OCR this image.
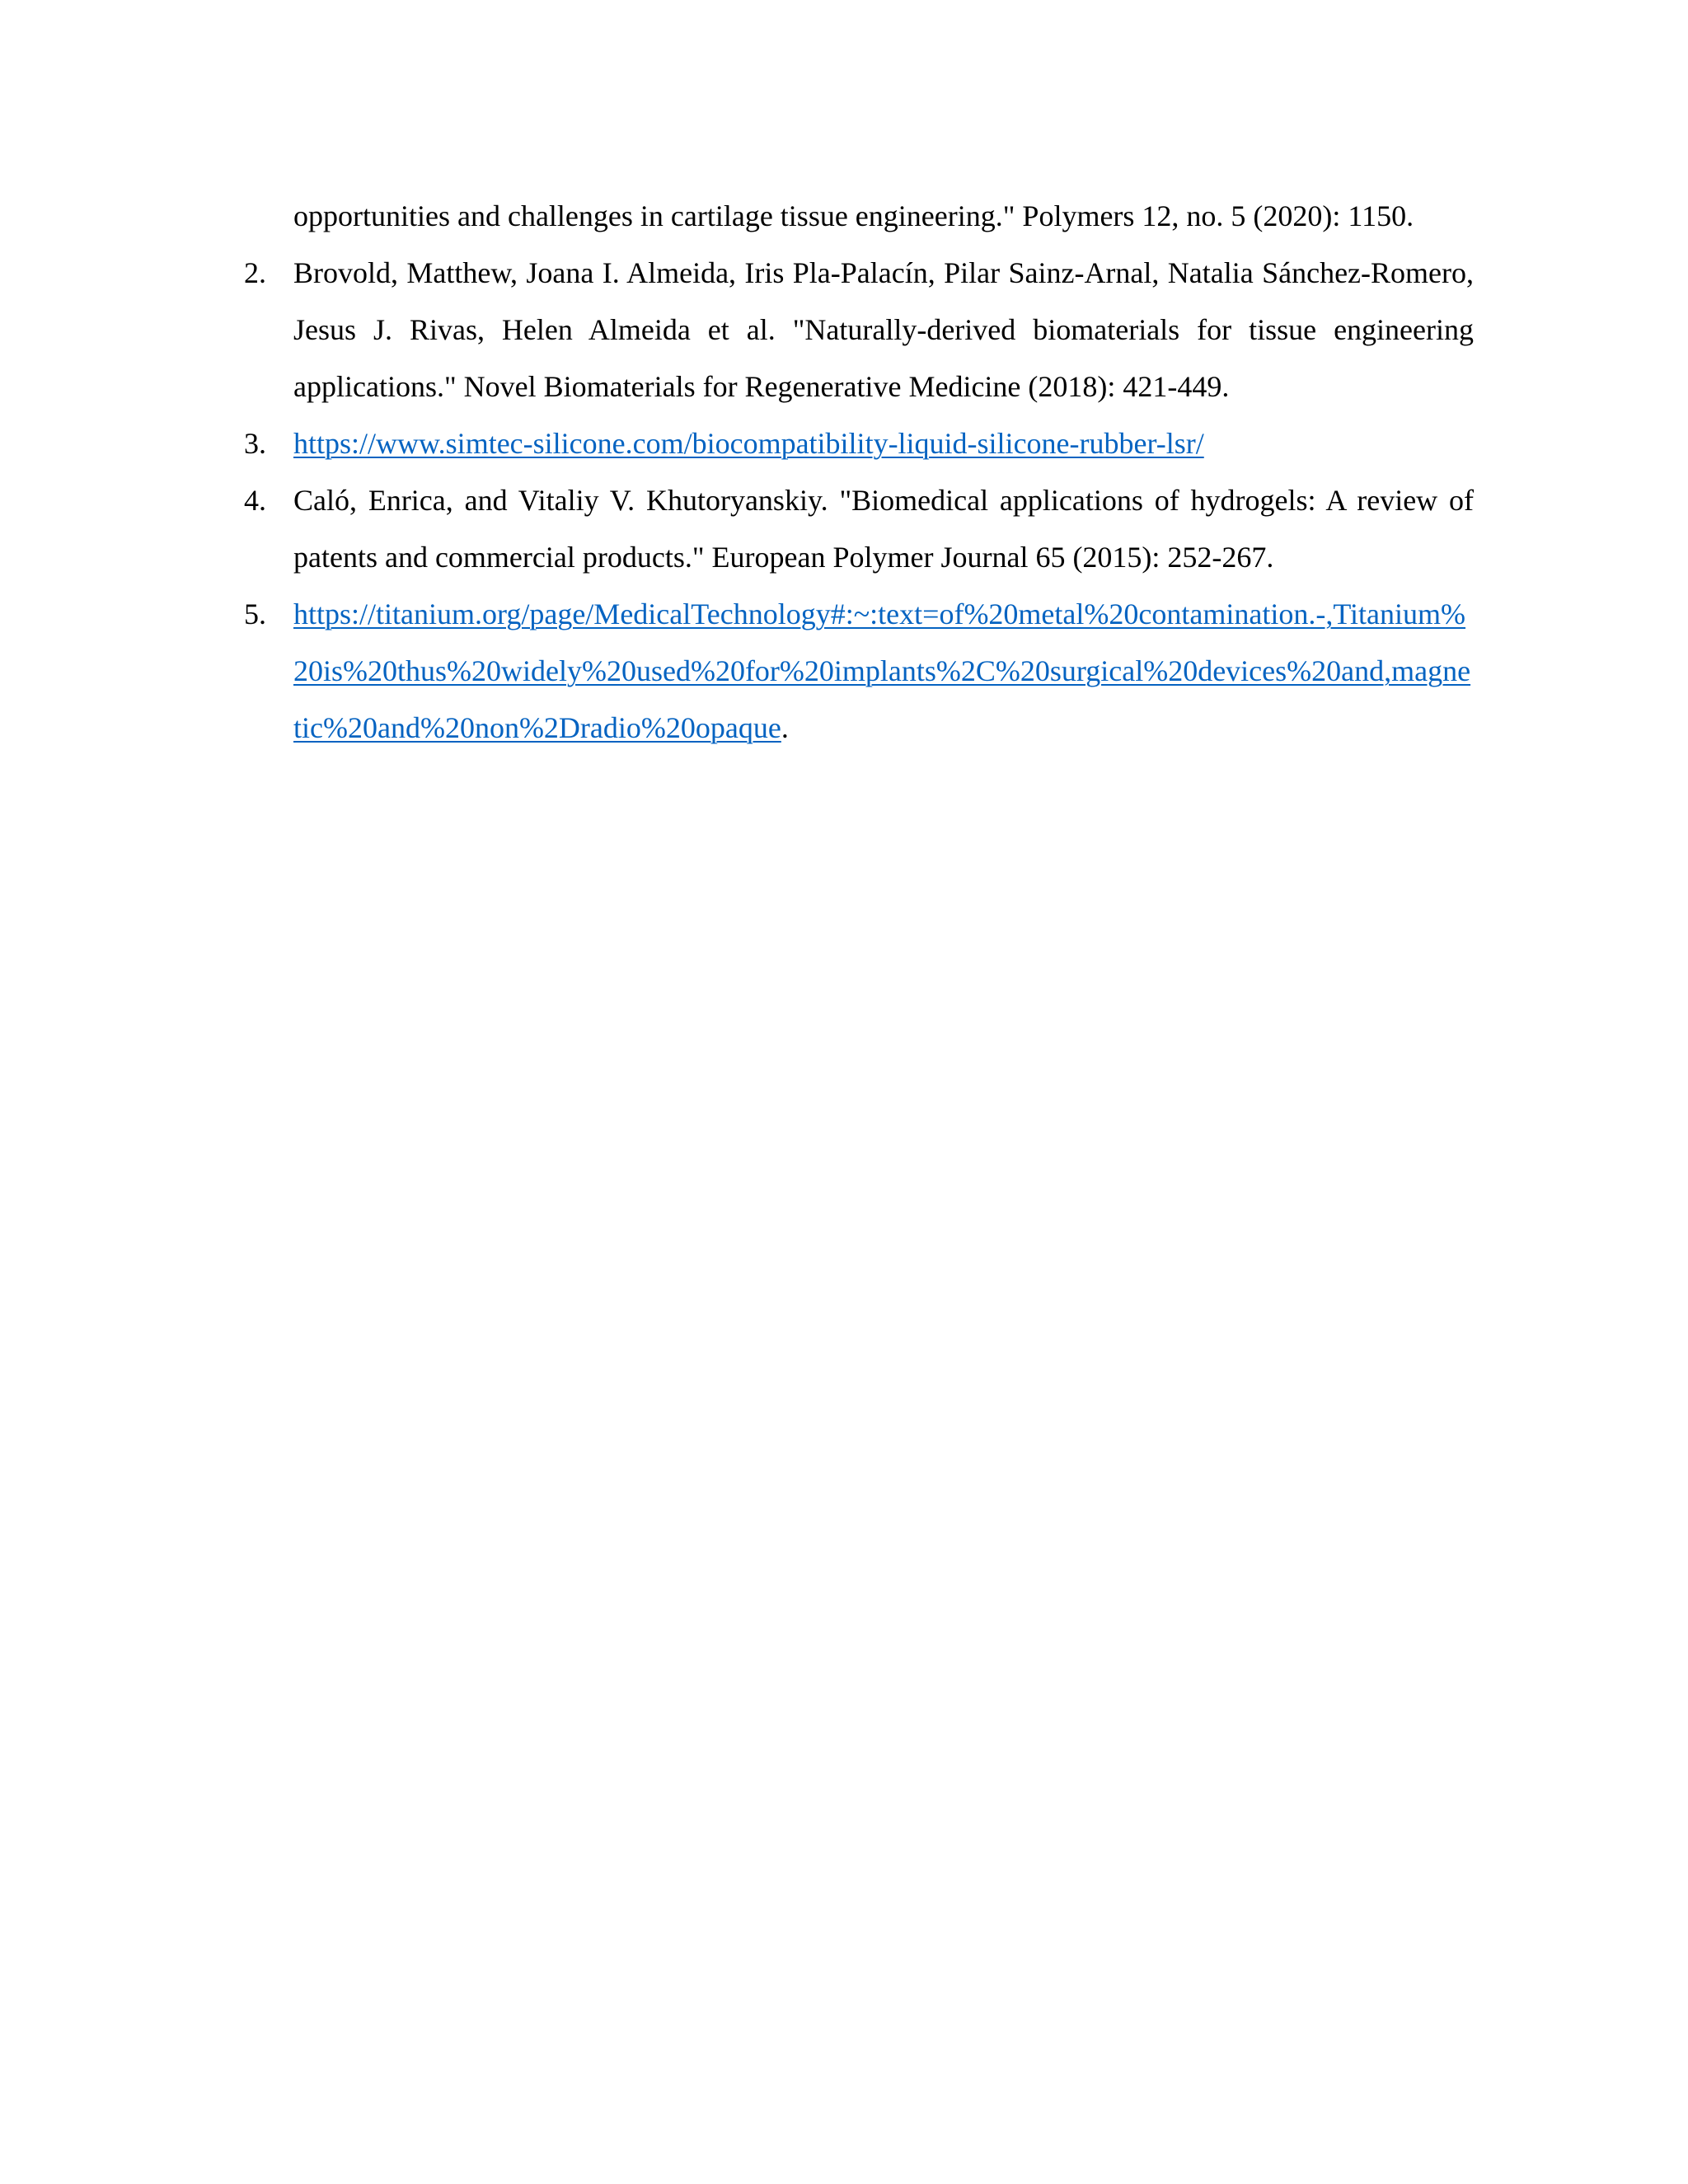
opportunities and challenges in cartilage tissue engineering." Polymers 12, no. 5 (2020): 1150.
2. Brovold, Matthew, Joana I. Almeida, Iris Pla-Palacín, Pilar Sainz-Arnal, Natalia Sánchez-Romero, Jesus J. Rivas, Helen Almeida et al. "Naturally-derived biomaterials for tissue engineering applications." Novel Biomaterials for Regenerative Medicine (2018): 421-449.
3. https://www.simtec-silicone.com/biocompatibility-liquid-silicone-rubber-lsr/
4. Caló, Enrica, and Vitaliy V. Khutoryanskiy. "Biomedical applications of hydrogels: A review of patents and commercial products." European Polymer Journal 65 (2015): 252-267.
5. https://titanium.org/page/MedicalTechnology#:~:text=of%20metal%20contamination.-,Titanium%20is%20thus%20widely%20used%20for%20implants%2C%20surgical%20devices%20and,magnetic%20and%20non%2Dradio%20opaque.
